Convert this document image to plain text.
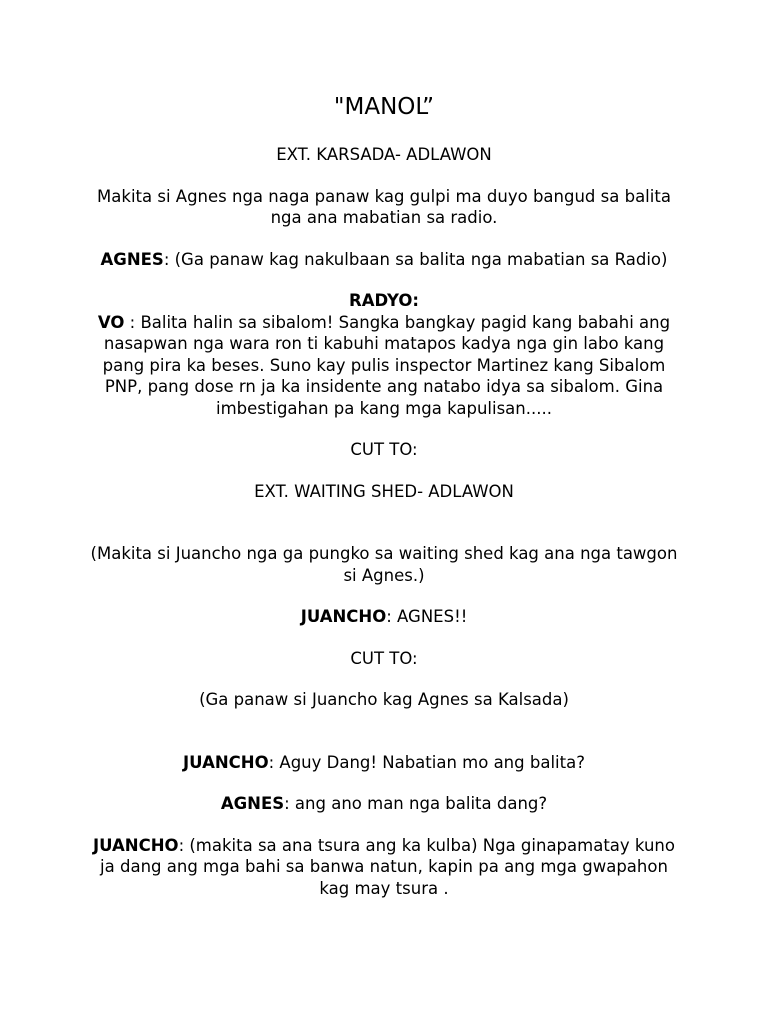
"MANOL”
EXT. KARSADA- ADLAWON
Makita si Agnes nga naga panaw kag gulpi ma duyo bangud sa balita nga ana mabatian sa radio.
AGNES: (Ga panaw kag nakulbaan sa balita nga mabatian sa Radio)
RADYO:
VO : Balita halin sa sibalom! Sangka bangkay pagid kang babahi ang nasapwan nga wara ron ti kabuhi matapos kadya nga gin labo kang pang pira ka beses. Suno kay pulis inspector Martinez kang Sibalom PNP, pang dose rn ja ka insidente ang natabo idya sa sibalom. Gina imbestigahan pa kang mga kapulisan.....
CUT TO:
EXT. WAITING SHED- ADLAWON
(Makita si Juancho nga ga pungko sa waiting shed kag ana nga tawgon si Agnes.)
JUANCHO: AGNES!!
CUT TO:
(Ga panaw si Juancho kag Agnes sa Kalsada)
JUANCHO: Aguy Dang! Nabatian mo ang balita?
AGNES: ang ano man nga balita dang?
JUANCHO: (makita sa ana tsura ang ka kulba) Nga ginapamatay kuno ja dang ang mga bahi sa banwa natun, kapin pa ang mga gwapahon kag may tsura .
